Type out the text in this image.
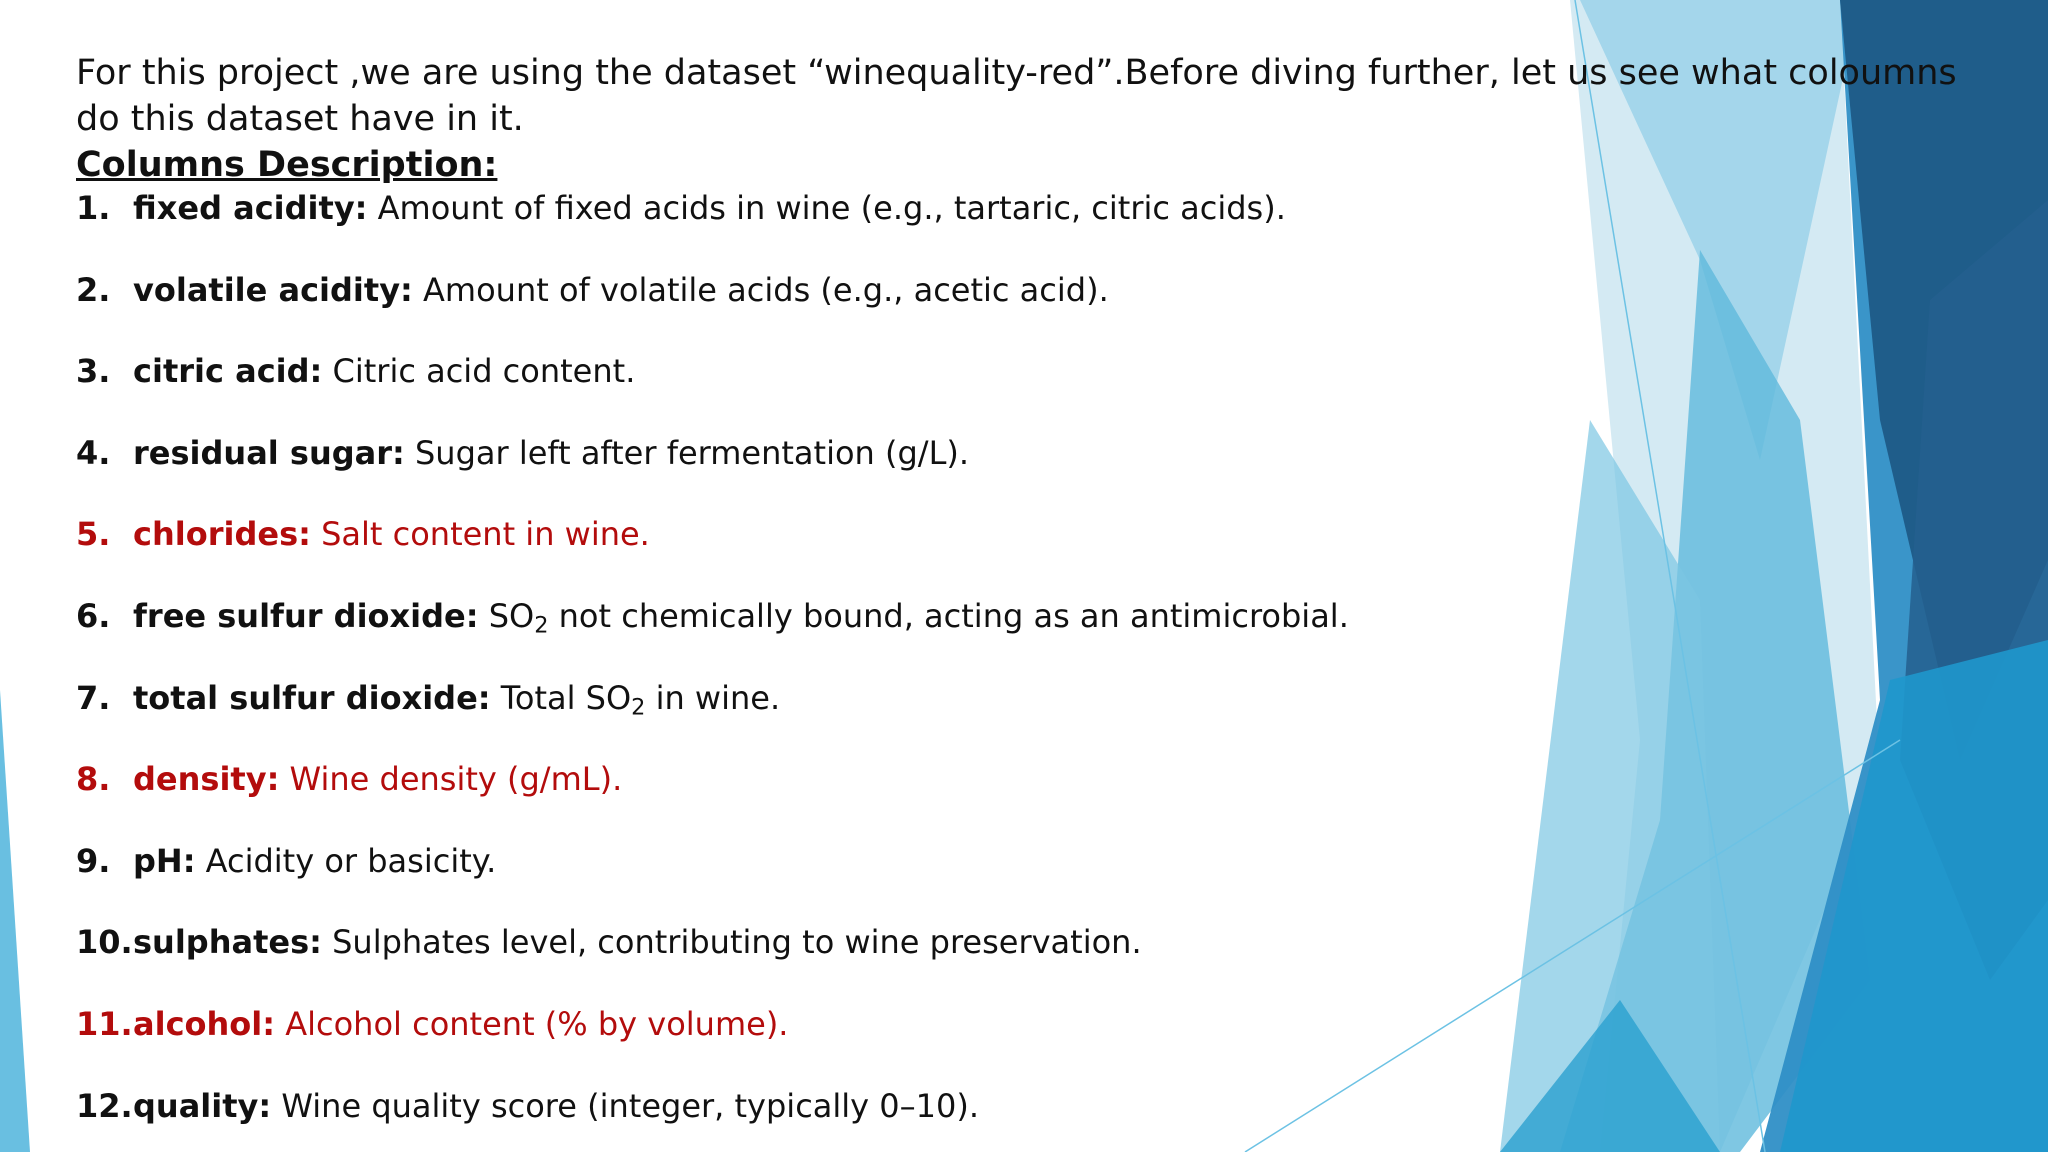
For this project ,we are using the dataset “winequality-red”.Before diving further, let us see what coloumns do this dataset have in it.

Columns Description:

1. fixed acidity: Amount of fixed acids in wine (e.g., tartaric, citric acids).
2. volatile acidity: Amount of volatile acids (e.g., acetic acid).
3. citric acid: Citric acid content.
4. residual sugar: Sugar left after fermentation (g/L).
5. chlorides: Salt content in wine.
6. free sulfur dioxide: $SO_2$ not chemically bound, acting as an antimicrobial.
7. total sulfur dioxide: Total $SO_2$ in wine.
8. density: Wine density (g/mL).
9. pH: Acidity or basicity.
10. sulphates: Sulphates level, contributing to wine preservation.
11. alcohol: Alcohol content (% by volume).
12. quality: Wine quality score (integer, typically 0–10).
